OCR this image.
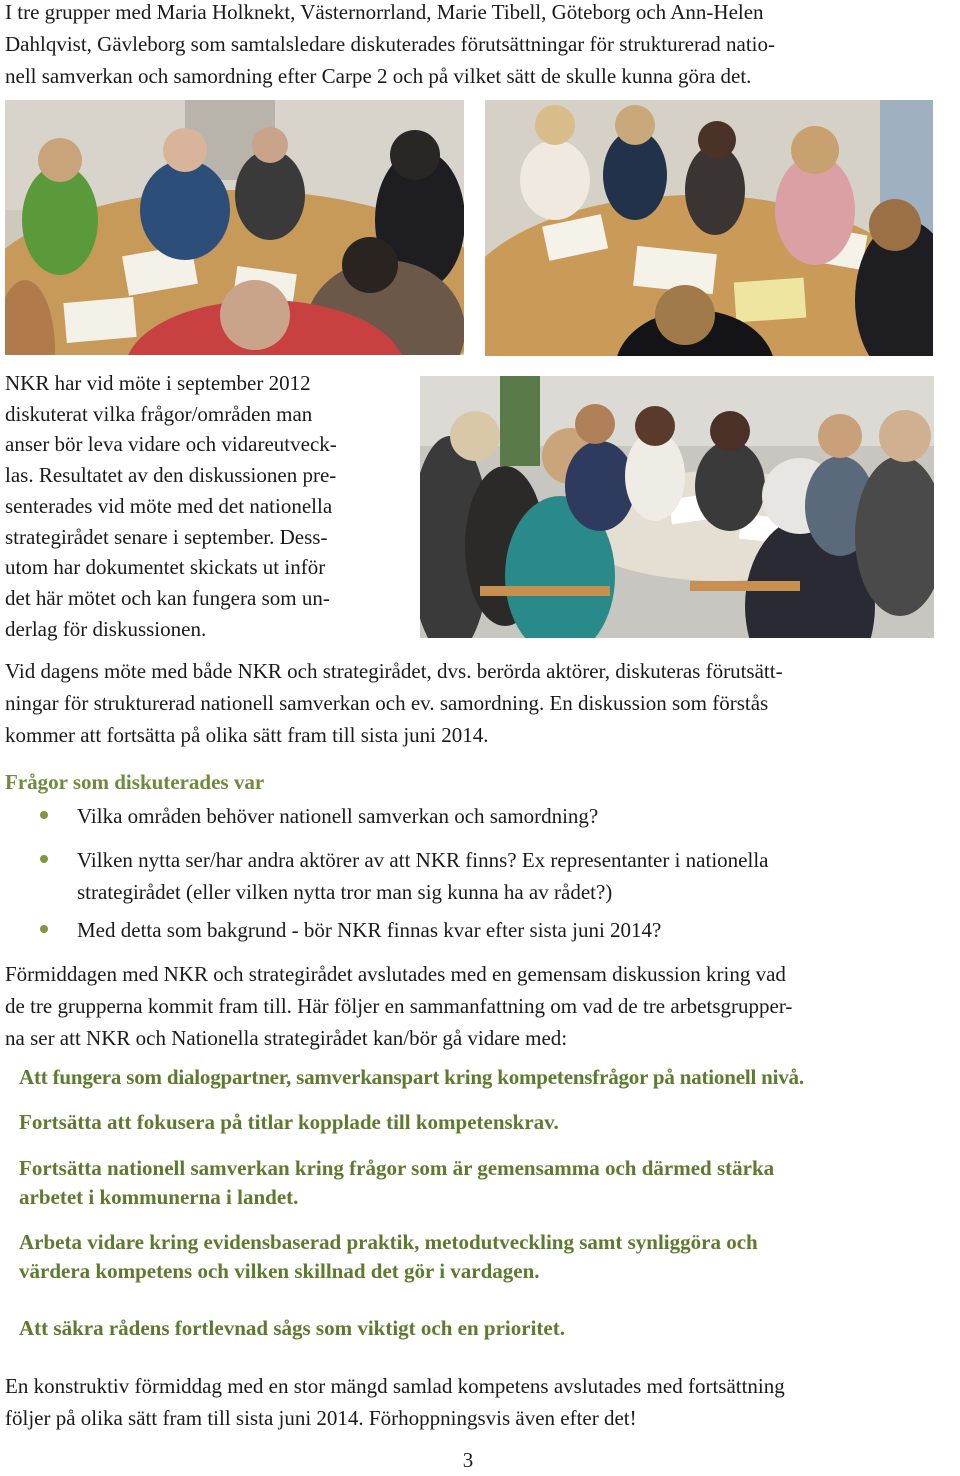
I tre grupper med Maria Holknekt, Västernorrland, Marie Tibell, Göteborg och Ann-Helen
Dahlqvist, Gävleborg som samtalsledare diskuterades förutsättningar för strukturerad natio-
nell samverkan och samordning efter Carpe 2 och på vilket sätt de skulle kunna göra det.
NKR har vid möte i september 2012
diskuterat vilka frågor/områden man
anser bör leva vidare och vidareutveck-
las. Resultatet av den diskussionen pre-
senterades vid möte med det nationella
strategirådet senare i september. Dess-
utom har dokumentet skickats ut inför
det här mötet och kan fungera som un-
derlag för diskussionen.
Vid dagens möte med både NKR och strategirådet, dvs. berörda aktörer, diskuteras förutsätt-
ningar för strukturerad nationell samverkan och ev. samordning. En diskussion som förstås
kommer att fortsätta på olika sätt fram till sista juni 2014.
Frågor som diskuterades var
Vilka områden behöver nationell samverkan och samordning?
Vilken nytta ser/har andra aktörer av att NKR finns? Ex representanter i nationella
strategirådet (eller vilken nytta tror man sig kunna ha av rådet?)
Med detta som bakgrund - bör NKR finnas kvar efter sista juni 2014?
Förmiddagen med NKR och strategirådet avslutades med en gemensam diskussion kring vad
de tre grupperna kommit fram till. Här följer en sammanfattning om vad de tre arbetsgrupper-
na ser att NKR och Nationella strategirådet kan/bör gå vidare med:
Att fungera som dialogpartner, samverkanspart kring kompetensfrågor på nationell nivå.
Fortsätta att fokusera på titlar kopplade till kompetenskrav.
Fortsätta nationell samverkan kring frågor som är gemensamma och därmed stärka
arbetet i kommunerna i landet.
Arbeta vidare kring evidensbaserad praktik, metodutveckling samt synliggöra och
värdera kompetens och vilken skillnad det gör i vardagen.
Att säkra rådens fortlevnad sågs som viktigt och en prioritet.
En konstruktiv förmiddag med en stor mängd samlad kompetens avslutades med fortsättning
följer på olika sätt fram till sista juni 2014. Förhoppningsvis även efter det!
3
